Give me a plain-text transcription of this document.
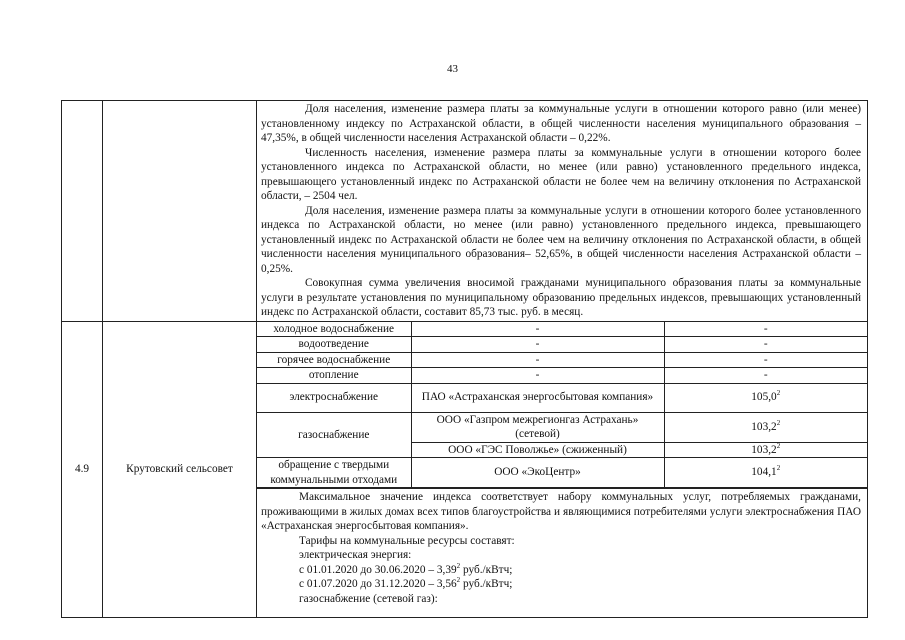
43

Доля населения, изменение размера платы за коммунальные услуги в отношении которого равно (или менее) установленному индексу по Астраханской области, в общей численности населения муниципального образования – 47,35%, в общей численности населения Астраханской области – 0,22%.

Численность населения, изменение размера платы за коммунальные услуги в отношении которого более установленного индекса по Астраханской области, но менее (или равно) установленного предельного индекса, превышающего установленный индекс по Астраханской области не более чем на величину отклонения по Астраханской области, – 2504 чел.

Доля населения, изменение размера платы за коммунальные услуги в отношении которого более установленного индекса по Астраханской области, но менее (или равно) установленного предельного индекса, превышающего установленный индекс по Астраханской области не более чем на величину отклонения по Астраханской области, в общей численности населения муниципального образования– 52,65%, в общей численности населения Астраханской области – 0,25%.

Совокупная сумма увеличения вносимой гражданами муниципального образования платы за коммунальные услуги в результате установления по муниципальному образованию предельных индексов, превышающих установленный индекс по Астраханской области, составит 85,73 тыс. руб. в месяц.

4.9	Крутовский сельсовет	
холодное водоснабжение	-	-
водоотведение	-	-
горячее водоснабжение	-	-
отопление	-	-
электроснабжение	ПАО «Астраханская энергосбытовая компания»	105,0$^2$
газоснабжение	ООО «Газпром межрегионгаз Астрахань» (сетевой)	103,2$^2$
ООО «ГЭС Поволжье» (сжиженный)	103,2$^2$
обращение с твердыми коммунальными отходами	ООО «ЭкоЦентр»	104,1$^2$

Максимальное значение индекса соответствует набору коммунальных услуг, потребляемых гражданами, проживающими в жилых домах всех типов благоустройства и являющимися потребителями услуги электроснабжения ПАО «Астраханская энергосбытовая компания».

Тарифы на коммунальные ресурсы составят:

электрическая энергия:

с 01.01.2020 до 30.06.2020 – 3,39$^2$ руб./кВтч;

с 01.07.2020 до 31.12.2020 – 3,56$^2$ руб./кВтч;

газоснабжение (сетевой газ):
